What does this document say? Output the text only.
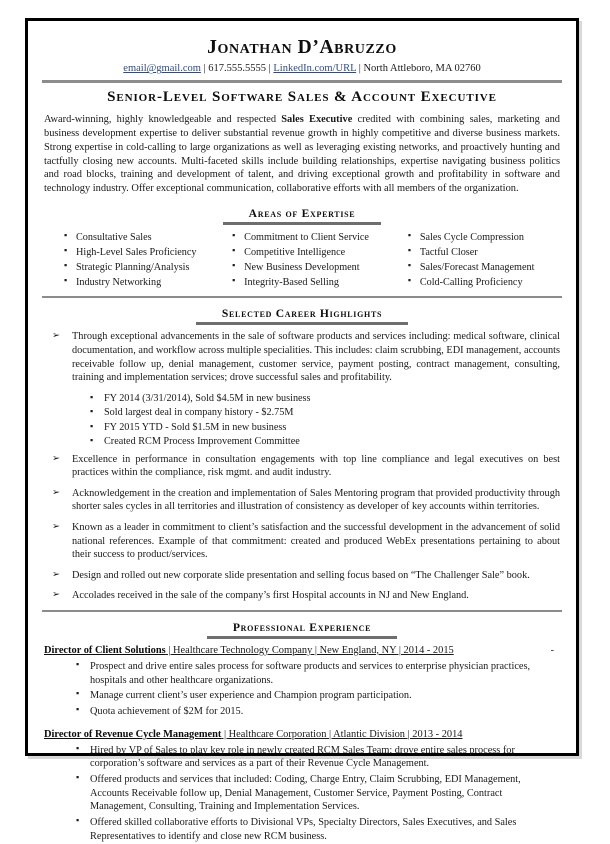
Jonathan D’Abruzzo
email@gmail.com | 617.555.5555 | LinkedIn.com/URL | North Attleboro, MA 02760
Senior-Level Software Sales & Account Executive
Award-winning, highly knowledgeable and respected Sales Executive credited with combining sales, marketing and business development expertise to deliver substantial revenue growth in highly competitive and diverse business markets. Strong expertise in cold-calling to large organizations as well as leveraging existing networks, and proactively hunting and tactfully closing new accounts. Multi-faceted skills include building relationships, expertise navigating business politics and road blocks, training and development of talent, and driving exceptional growth and profitability in software and technology industry. Offer exceptional communication, collaborative efforts with all members of the organization.
Areas of Expertise
▪ Consultative Sales
▪ High-Level Sales Proficiency
▪ Strategic Planning/Analysis
▪ Industry Networking
▪ Commitment to Client Service
▪ Competitive Intelligence
▪ New Business Development
▪ Integrity-Based Selling
▪ Sales Cycle Compression
▪ Tactful Closer
▪ Sales/Forecast Management
▪ Cold-Calling Proficiency
Selected Career Highlights
➢ Through exceptional advancements in the sale of software products and services including: medical software, clinical documentation, and workflow across multiple specialities. This includes: claim scrubbing, EDI management, accounts receivable follow up, denial management, customer service, payment posting, contract management, consulting, training and implementation services; drove successful sales and profitability.
▪ FY 2014 (3/31/2014), Sold $4.5M in new business
▪ Sold largest deal in company history - $2.75M
▪ FY 2015 YTD - Sold $1.5M in new business
▪ Created RCM Process Improvement Committee
➢ Excellence in performance in consultation engagements with top line compliance and legal executives on best practices within the compliance, risk mgmt. and audit industry.
➢ Acknowledgement in the creation and implementation of Sales Mentoring program that provided productivity through shorter sales cycles in all territories and illustration of consistency as developer of key accounts within territories.
➢ Known as a leader in commitment to client’s satisfaction and the successful development in the advancement of solid national references. Example of that commitment: created and produced WebEx presentations pertaining to about their success to product/services.
➢ Design and rolled out new corporate slide presentation and selling focus based on “The Challenger Sale” book.
➢ Accolades received in the sale of the company’s first Hospital accounts in NJ and New England.
Professional Experience
-
Director of Client Solutions | Healthcare Technology Company | New England, NY | 2014 - 2015
▪ Prospect and drive entire sales process for software products and services to enterprise physician practices, hospitals and other healthcare organizations.
▪ Manage current client’s user experience and Champion program participation.
▪ Quota achievement of $2M for 2015.
Director of Revenue Cycle Management | Healthcare Corporation | Atlantic Division | 2013 - 2014
▪ Hired by VP of Sales to play key role in newly created RCM Sales Team; drove entire sales process for corporation’s software and services as a part of their Revenue Cycle Management.
▪ Offered products and services that included: Coding, Charge Entry, Claim Scrubbing, EDI Management, Accounts Receivable follow up, Denial Management, Customer Service, Payment Posting, Contract Management, Consulting, Training and Implementation Services.
▪ Offered skilled collaborative efforts to Divisional VPs, Specialty Directors, Sales Executives, and Sales Representatives to identify and close new RCM business.
